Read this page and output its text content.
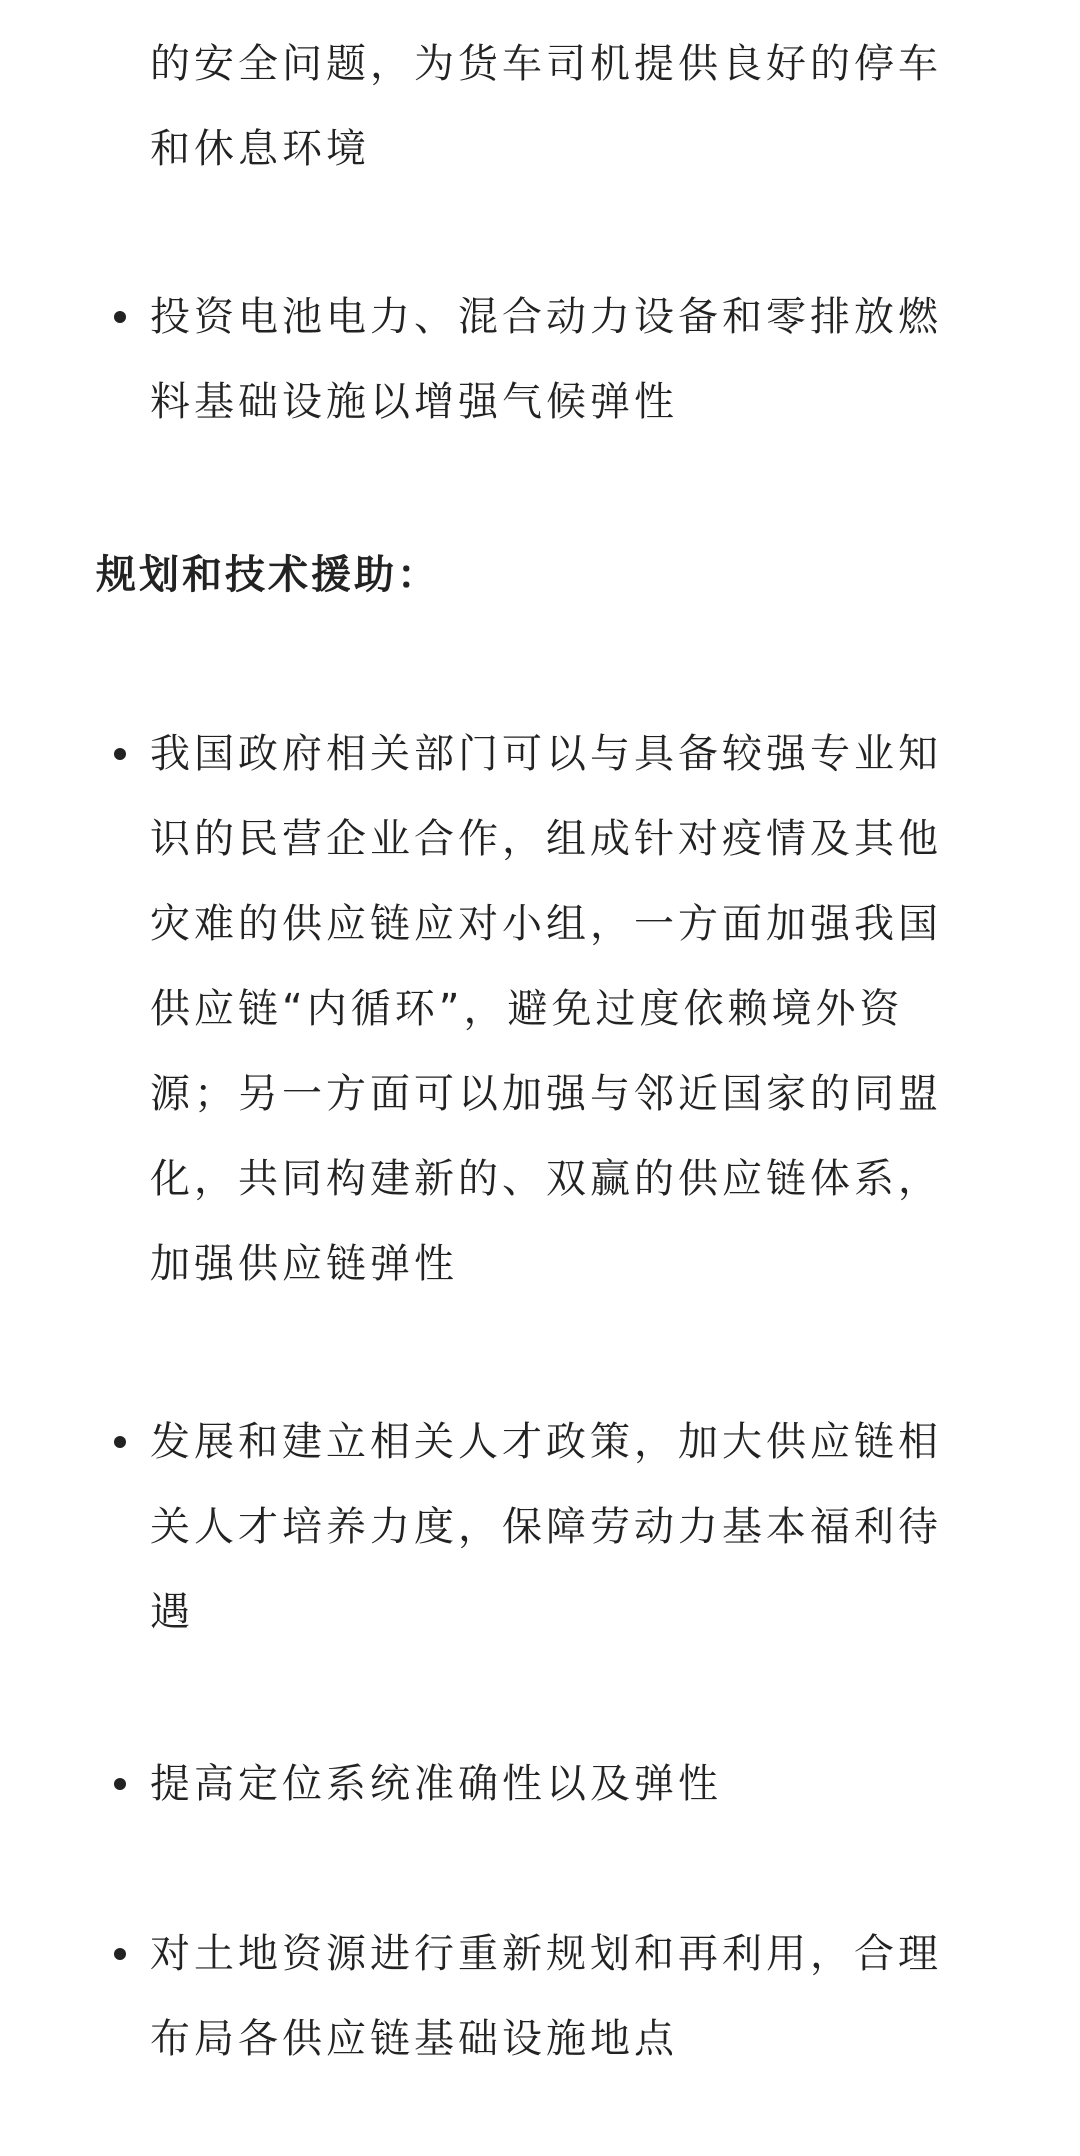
的安全问题，为货车司机提供良好的停车和休息环境

投资电池电力、混合动力设备和零排放燃料基础设施以增强气候弹性
规划和技术援助：
我国政府相关部门可以与具备较强专业知识的民营企业合作，组成针对疫情及其他灾难的供应链应对小组，一方面加强我国供应链“内循环”，避免过度依赖境外资源；另一方面可以加强与邻近国家的同盟化，共同构建新的、双赢的供应链体系，加强供应链弹性
发展和建立相关人才政策，加大供应链相关人才培养力度，保障劳动力基本福利待遇
提高定位系统准确性以及弹性
对土地资源进行重新规划和再利用，合理布局各供应链基础设施地点
